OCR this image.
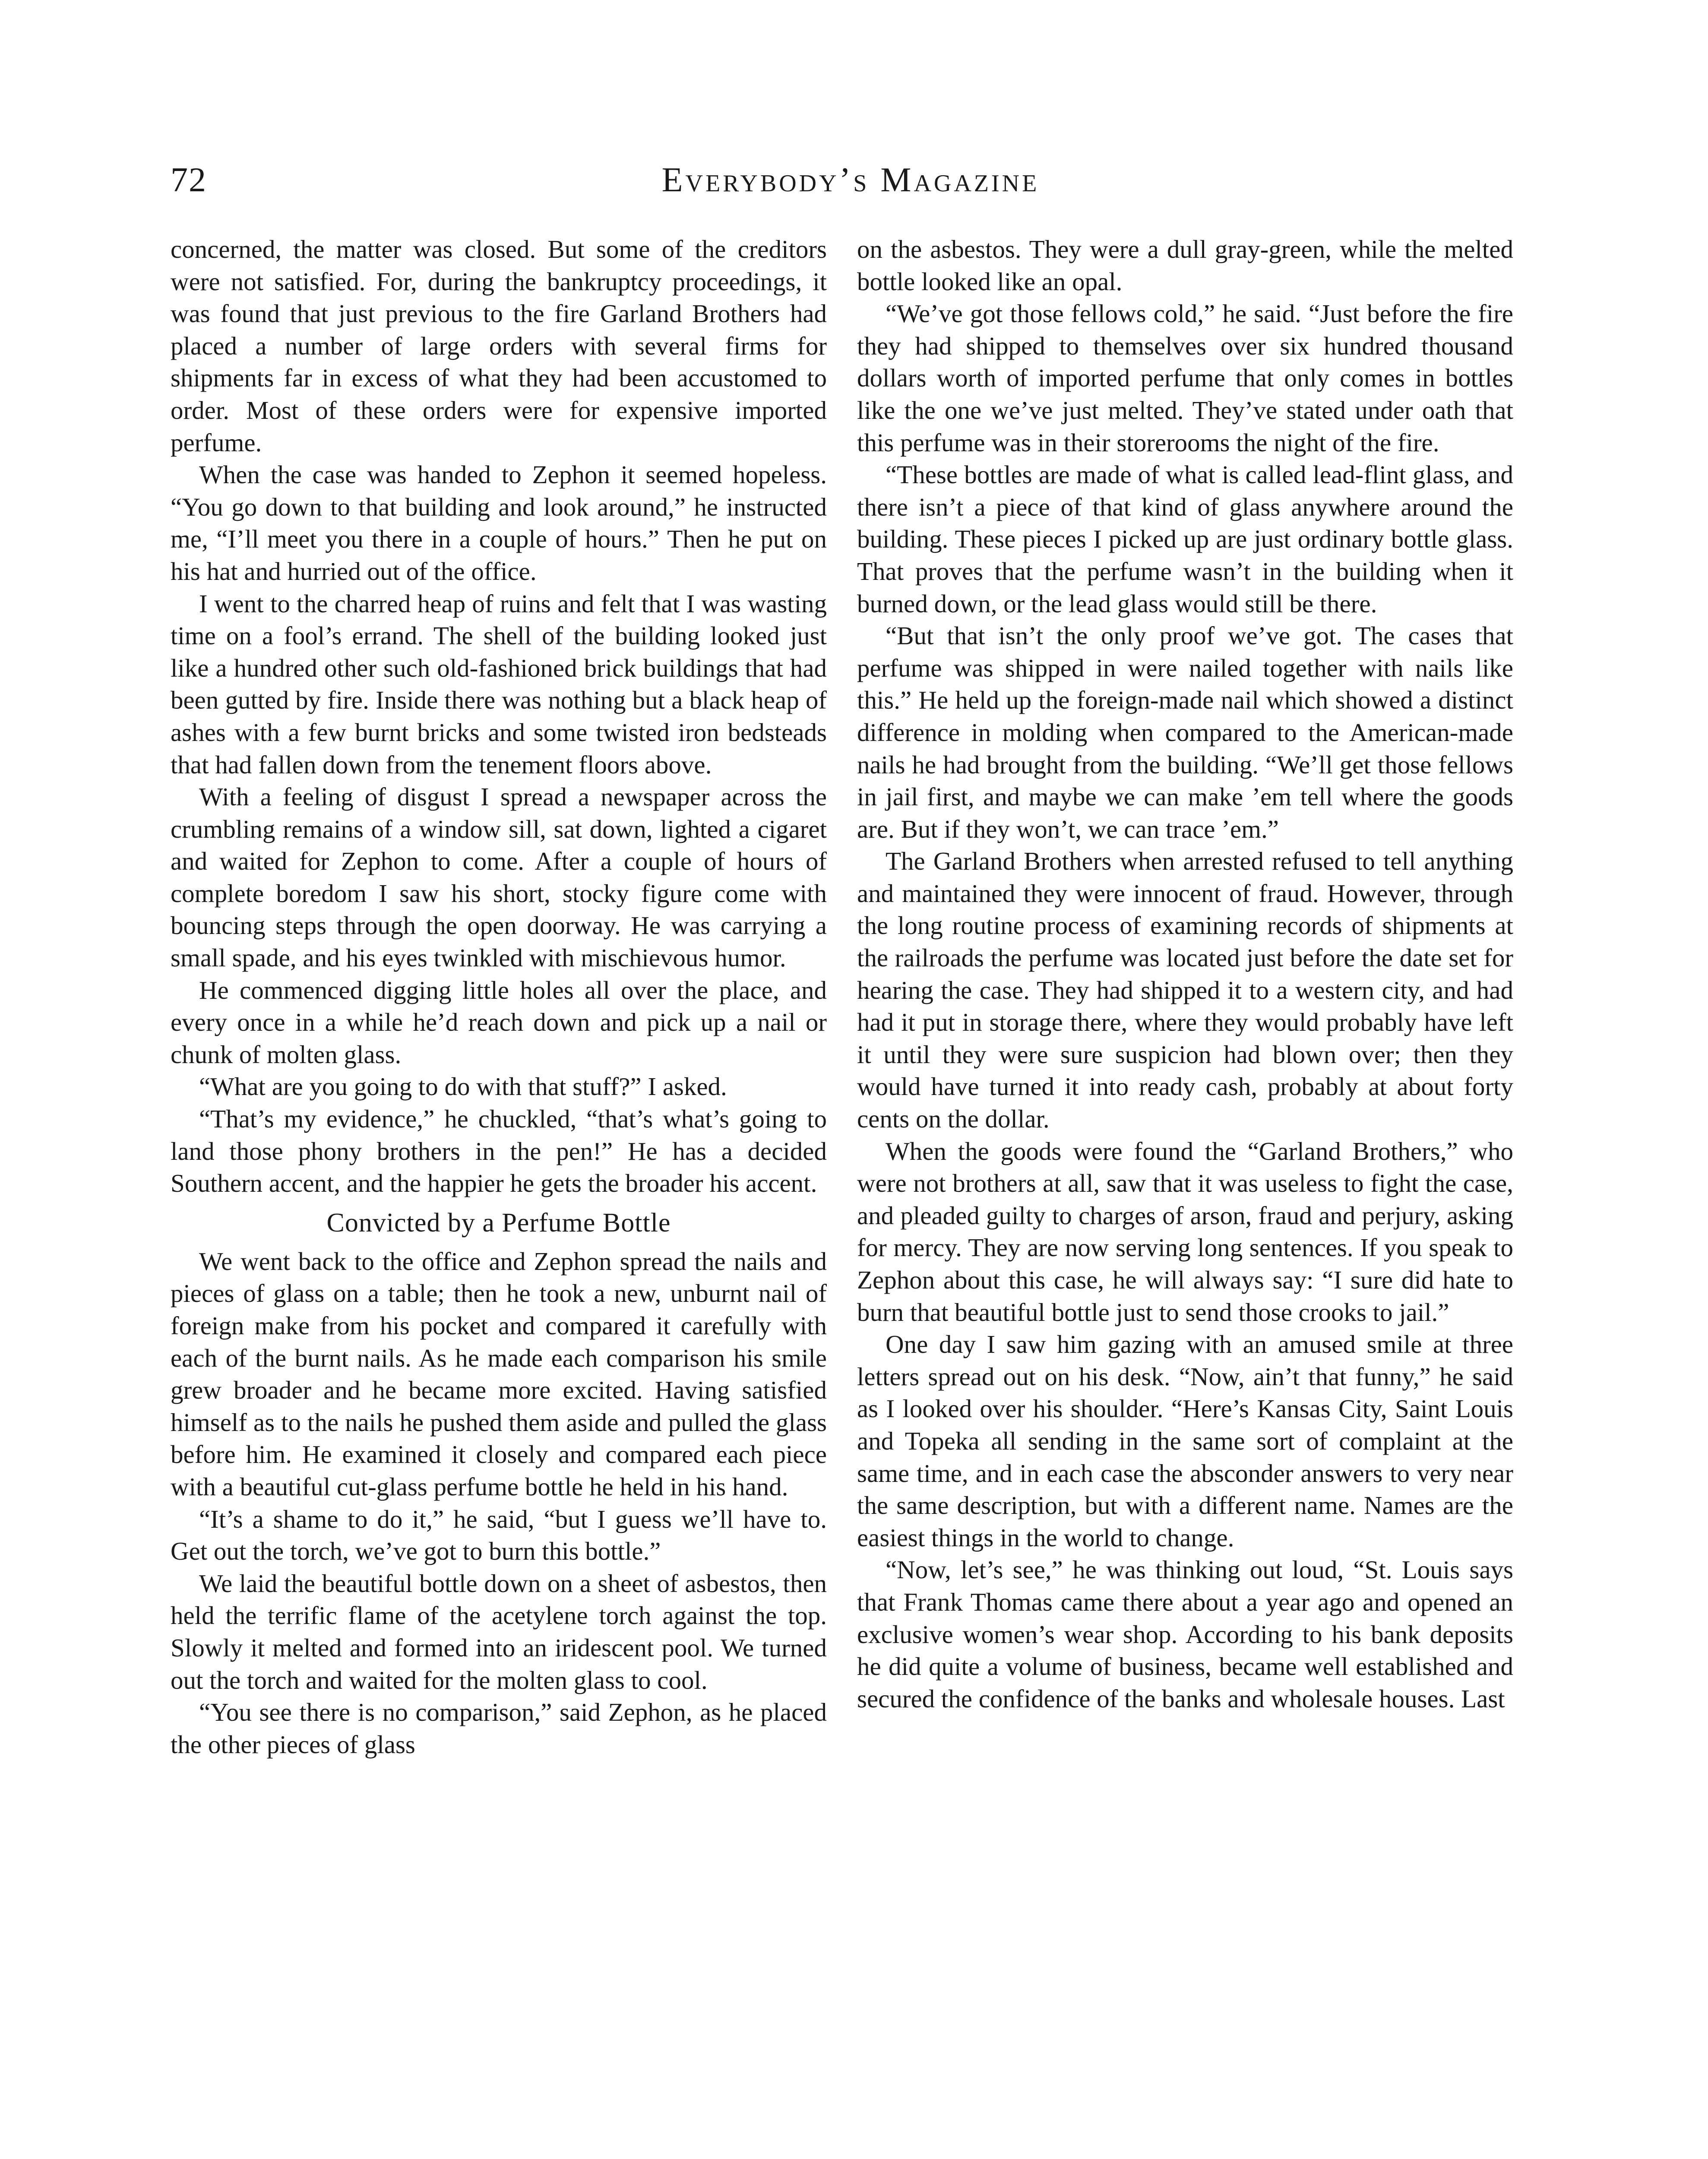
72	Everybody’s Magazine

concerned, the matter was closed. But some of the creditors were not satisfied. For, during the bankruptcy proceedings, it was found that just previous to the fire Garland Brothers had placed a number of large orders with several firms for shipments far in excess of what they had been accustomed to order. Most of these orders were for expensive imported perfume.

When the case was handed to Zephon it seemed hopeless. “You go down to that building and look around,” he instructed me, “I’ll meet you there in a couple of hours.” Then he put on his hat and hurried out of the office.

I went to the charred heap of ruins and felt that I was wasting time on a fool’s errand. The shell of the building looked just like a hundred other such old-fashioned brick buildings that had been gutted by fire. Inside there was nothing but a black heap of ashes with a few burnt bricks and some twisted iron bedsteads that had fallen down from the tenement floors above.

With a feeling of disgust I spread a newspaper across the crumbling remains of a window sill, sat down, lighted a cigaret and waited for Zephon to come. After a couple of hours of complete boredom I saw his short, stocky figure come with bouncing steps through the open doorway. He was carrying a small spade, and his eyes twinkled with mischievous humor.

He commenced digging little holes all over the place, and every once in a while he’d reach down and pick up a nail or chunk of molten glass.

“What are you going to do with that stuff?” I asked.

“That’s my evidence,” he chuckled, “that’s what’s going to land those phony brothers in the pen!” He has a decided Southern accent, and the happier he gets the broader his accent.

Convicted by a Perfume Bottle

We went back to the office and Zephon spread the nails and pieces of glass on a table; then he took a new, unburnt nail of foreign make from his pocket and compared it carefully with each of the burnt nails. As he made each comparison his smile grew broader and he became more excited. Having satisfied himself as to the nails he pushed them aside and pulled the glass before him. He examined it closely and compared each piece with a beautiful cut-glass perfume bottle he held in his hand.

“It’s a shame to do it,” he said, “but I guess we’ll have to. Get out the torch, we’ve got to burn this bottle.”

We laid the beautiful bottle down on a sheet of asbestos, then held the terrific flame of the acetylene torch against the top. Slowly it melted and formed into an iridescent pool. We turned out the torch and waited for the molten glass to cool.

“You see there is no comparison,” said Zephon, as he placed the other pieces of glass

on the asbestos. They were a dull gray-green, while the melted bottle looked like an opal.

“We’ve got those fellows cold,” he said. “Just before the fire they had shipped to themselves over six hundred thousand dollars worth of imported perfume that only comes in bottles like the one we’ve just melted. They’ve stated under oath that this perfume was in their storerooms the night of the fire.

“These bottles are made of what is called lead-flint glass, and there isn’t a piece of that kind of glass anywhere around the building. These pieces I picked up are just ordinary bottle glass. That proves that the perfume wasn’t in the building when it burned down, or the lead glass would still be there.

“But that isn’t the only proof we’ve got. The cases that perfume was shipped in were nailed together with nails like this.” He held up the foreign-made nail which showed a distinct difference in molding when compared to the American-made nails he had brought from the building. “We’ll get those fellows in jail first, and maybe we can make ’em tell where the goods are. But if they won’t, we can trace ’em.”

The Garland Brothers when arrested refused to tell anything and maintained they were innocent of fraud. However, through the long routine process of examining records of shipments at the railroads the perfume was located just before the date set for hearing the case. They had shipped it to a western city, and had had it put in storage there, where they would probably have left it until they were sure suspicion had blown over; then they would have turned it into ready cash, probably at about forty cents on the dollar.

When the goods were found the “Garland Brothers,” who were not brothers at all, saw that it was useless to fight the case, and pleaded guilty to charges of arson, fraud and perjury, asking for mercy. They are now serving long sentences. If you speak to Zephon about this case, he will always say: “I sure did hate to burn that beautiful bottle just to send those crooks to jail.”

One day I saw him gazing with an amused smile at three letters spread out on his desk. “Now, ain’t that funny,” he said as I looked over his shoulder. “Here’s Kansas City, Saint Louis and Topeka all sending in the same sort of complaint at the same time, and in each case the absconder answers to very near the same description, but with a different name. Names are the easiest things in the world to change.

“Now, let’s see,” he was thinking out loud, “St. Louis says that Frank Thomas came there about a year ago and opened an exclusive women’s wear shop. According to his bank deposits he did quite a volume of business, became well established and secured the confidence of the banks and wholesale houses. Last
